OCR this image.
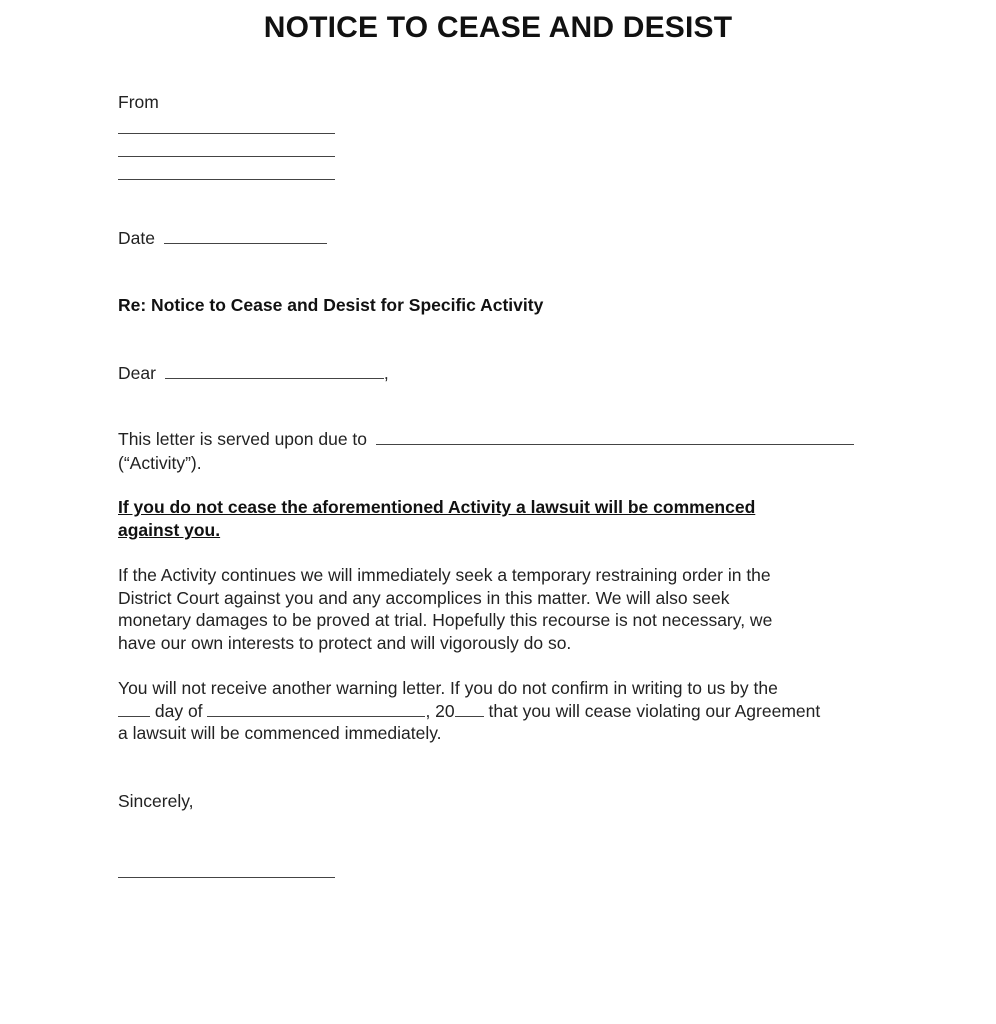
NOTICE TO CEASE AND DESIST
From
Date
Re: Notice to Cease and Desist for Specific Activity
Dear	,
This letter is served upon due to
(“Activity”).
If you do not cease the aforementioned Activity a lawsuit will be commenced
against you.
If the Activity continues we will immediately seek a temporary restraining order in the
District Court against you and any accomplices in this matter. We will also seek
monetary damages to be proved at trial. Hopefully this recourse is not necessary, we
have our own interests to protect and will vigorously do so.
You will not receive another warning letter. If you do not confirm in writing to us by the
day of	, 20 that you will cease violating our Agreement
a lawsuit will be commenced immediately.
Sincerely,
